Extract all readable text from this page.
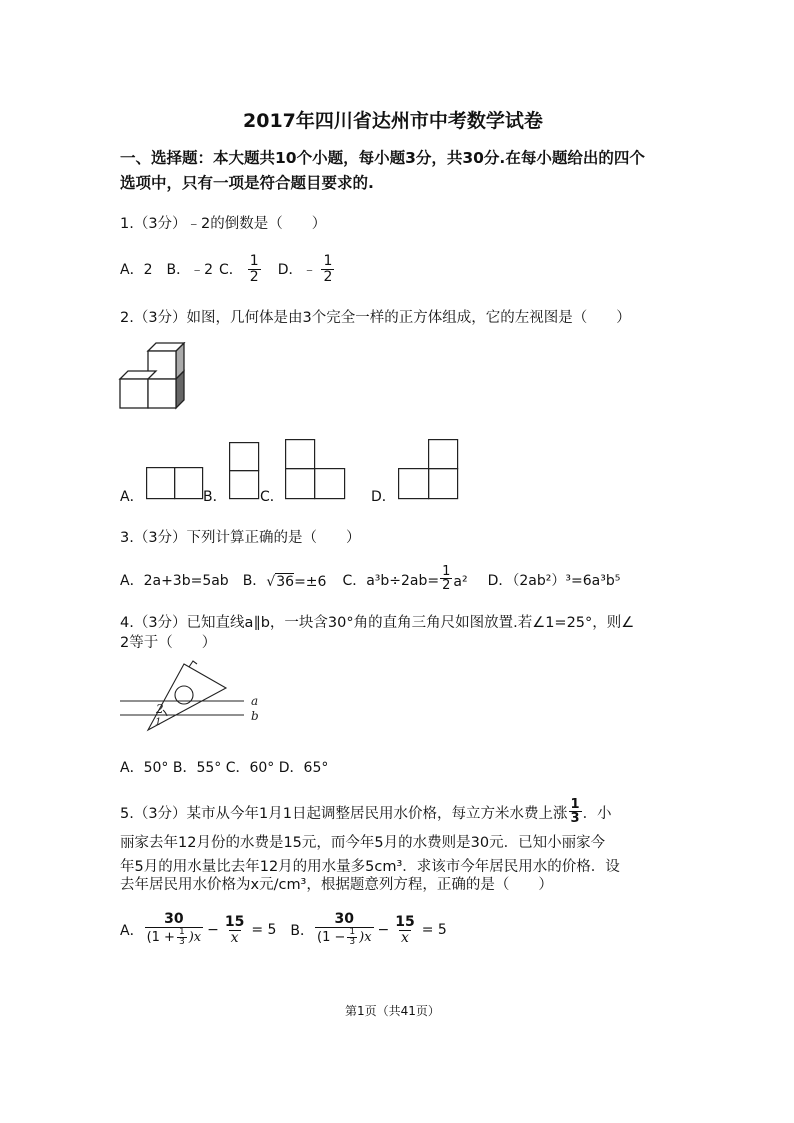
2017年四川省达州市中考数学试卷
一、选择题：本大题共10个小题，每小题3分，共30分.在每小题给出的四个
选项中，只有一项是符合题目要求的.
1.（3分）﹣2的倒数是（　　）
A．2 B．﹣2 C． $\frac{1}{2}$ D．﹣ $\frac{1}{2}$
2.（3分）如图，几何体是由3个完全一样的正方体组成，它的左视图是（　　）
A．	B． C．	D．
3.（3分）下列计算正确的是（　　）
A．2a+3b=5ab B． √36=±6 C．$a^3b\div 2ab= \frac{1}{2} a^2$ D．（2ab²）³=6a³b⁵
4.（3分）已知直线a∥b，一块含30°角的直角三角尺如图放置.若∠1=25°，则∠
2等于（　　）
a
b
2
1
A．50° B．55° C．60° D．65°
5.（3分）某市从今年1月1日起调整居民用水价格，每立方米水费上涨 $\frac{1}{3}$ ．小
丽家去年12月份的水费是15元，而今年5月的水费则是30元．已知小丽家今
年5月的用水量比去年12月的用水量多5cm³．求该市今年居民用水的价格．设
去年居民用水价格为x元/cm³，根据题意列方程，正确的是（　　）
A． $\frac{30}{(1 + \frac{1}{3} )x} - \frac{15}{x} = 5$ B． $\frac{30}{(1 - \frac{1}{3} )x} - \frac{15}{x} = 5$
第1页（共41页）
